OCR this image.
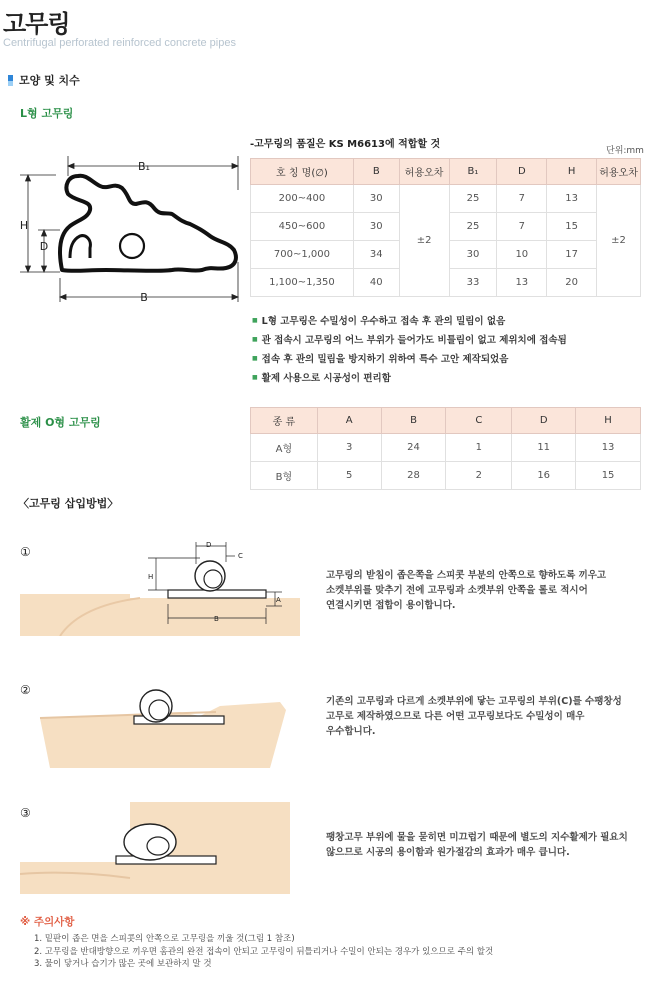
고무링
Centrifugal perforated reinforced concrete pipes
모양 및 치수
L형 고무링
B₁
B
H
D
-고무링의 품질은 KS M6613에 적합할 것
단위:mm
호 칭 명(∅)	B	허용오차	B₁	D	H	허용오차
200~400	30	±2	25	7	13	±2
450~600	30		25	7	15	
700~1,000	34		30	10	17	
1,100~1,350	40		33	13	20	
■ L형 고무링은 수밀성이 우수하고 접속 후 관의 밀림이 없음
■ 관 접속시 고무링의 어느 부위가 들어가도 비틀림이 없고 제위치에 접속됨
■ 접속 후 관의 밀림을 방지하기 위하여 특수 고안 제작되었음
■ 활제 사용으로 시공성이 편리함
활제 O형 고무링	종 류	A	B	C	D	H
A형	3	24	1	11	13
B형	5	28	2	16	15
〈고무링 삽입방법〉
①	D
C
H
A
B
고무링의 받침이 좁은쪽을 스피콧 부분의 안쪽으로 향하도록 끼우고
소켓부위를 맞추기 전에 고무링과 소켓부위 안쪽을 롤로 적시어
연결시키면 접합이 용이합니다.
②
기존의 고무링과 다르게 소켓부위에 닿는 고무링의 부위(C)를 수팽창성
고무로 제작하였으므로 다른 어떤 고무링보다도 수밀성이 매우
우수합니다.
③
팽창고무 부위에 물을 묻히면 미끄럽기 때문에 별도의 지수활제가 필요치
않으므로 시공의 용이함과 원가절감의 효과가 매우 큽니다.
※ 주의사항
1. 밑판이 좁은 면을 스피콧의 안쪽으로 고무링을 끼울 것(그림 1 참조)
2. 고무링을 반대방향으로 끼우면 홈관의 완전 접속이 안되고 고무링이 뒤틀리거나 수밀이 안되는 경우가 있으므로 주의 할것
3. 물이 닿거나 습기가 많은 곳에 보관하지 말 것
